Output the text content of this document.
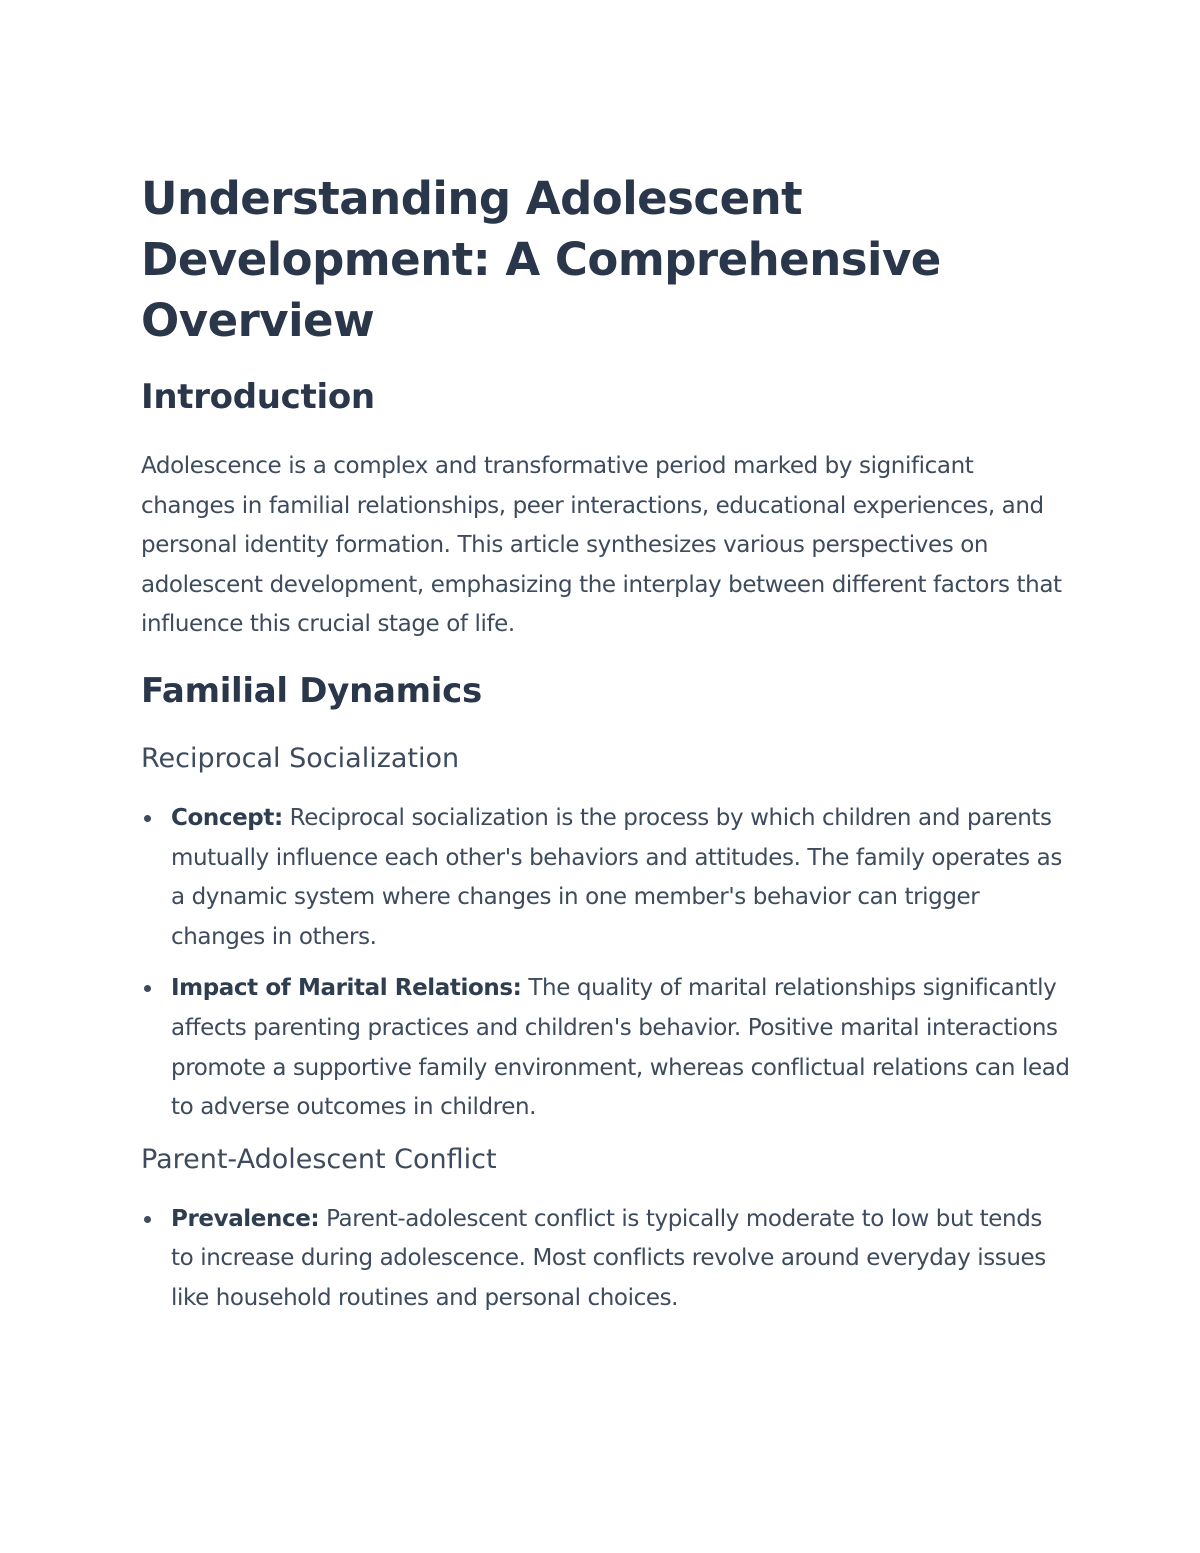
Understanding Adolescent Development: A Comprehensive Overview
Introduction

Adolescence is a complex and transformative period marked by significant changes in familial relationships, peer interactions, educational experiences, and personal identity formation. This article synthesizes various perspectives on adolescent development, emphasizing the interplay between different factors that influence this crucial stage of life.

Familial Dynamics
Reciprocal Socialization
Concept: Reciprocal socialization is the process by which children and parents mutually influence each other's behaviors and attitudes. The family operates as a dynamic system where changes in one member's behavior can trigger changes in others.
Impact of Marital Relations: The quality of marital relationships significantly affects parenting practices and children's behavior. Positive marital interactions promote a supportive family environment, whereas conflictual relations can lead to adverse outcomes in children.
Parent-Adolescent Conflict
Prevalence: Parent-adolescent conflict is typically moderate to low but tends to increase during adolescence. Most conflicts revolve around everyday issues like household routines and personal choices.
